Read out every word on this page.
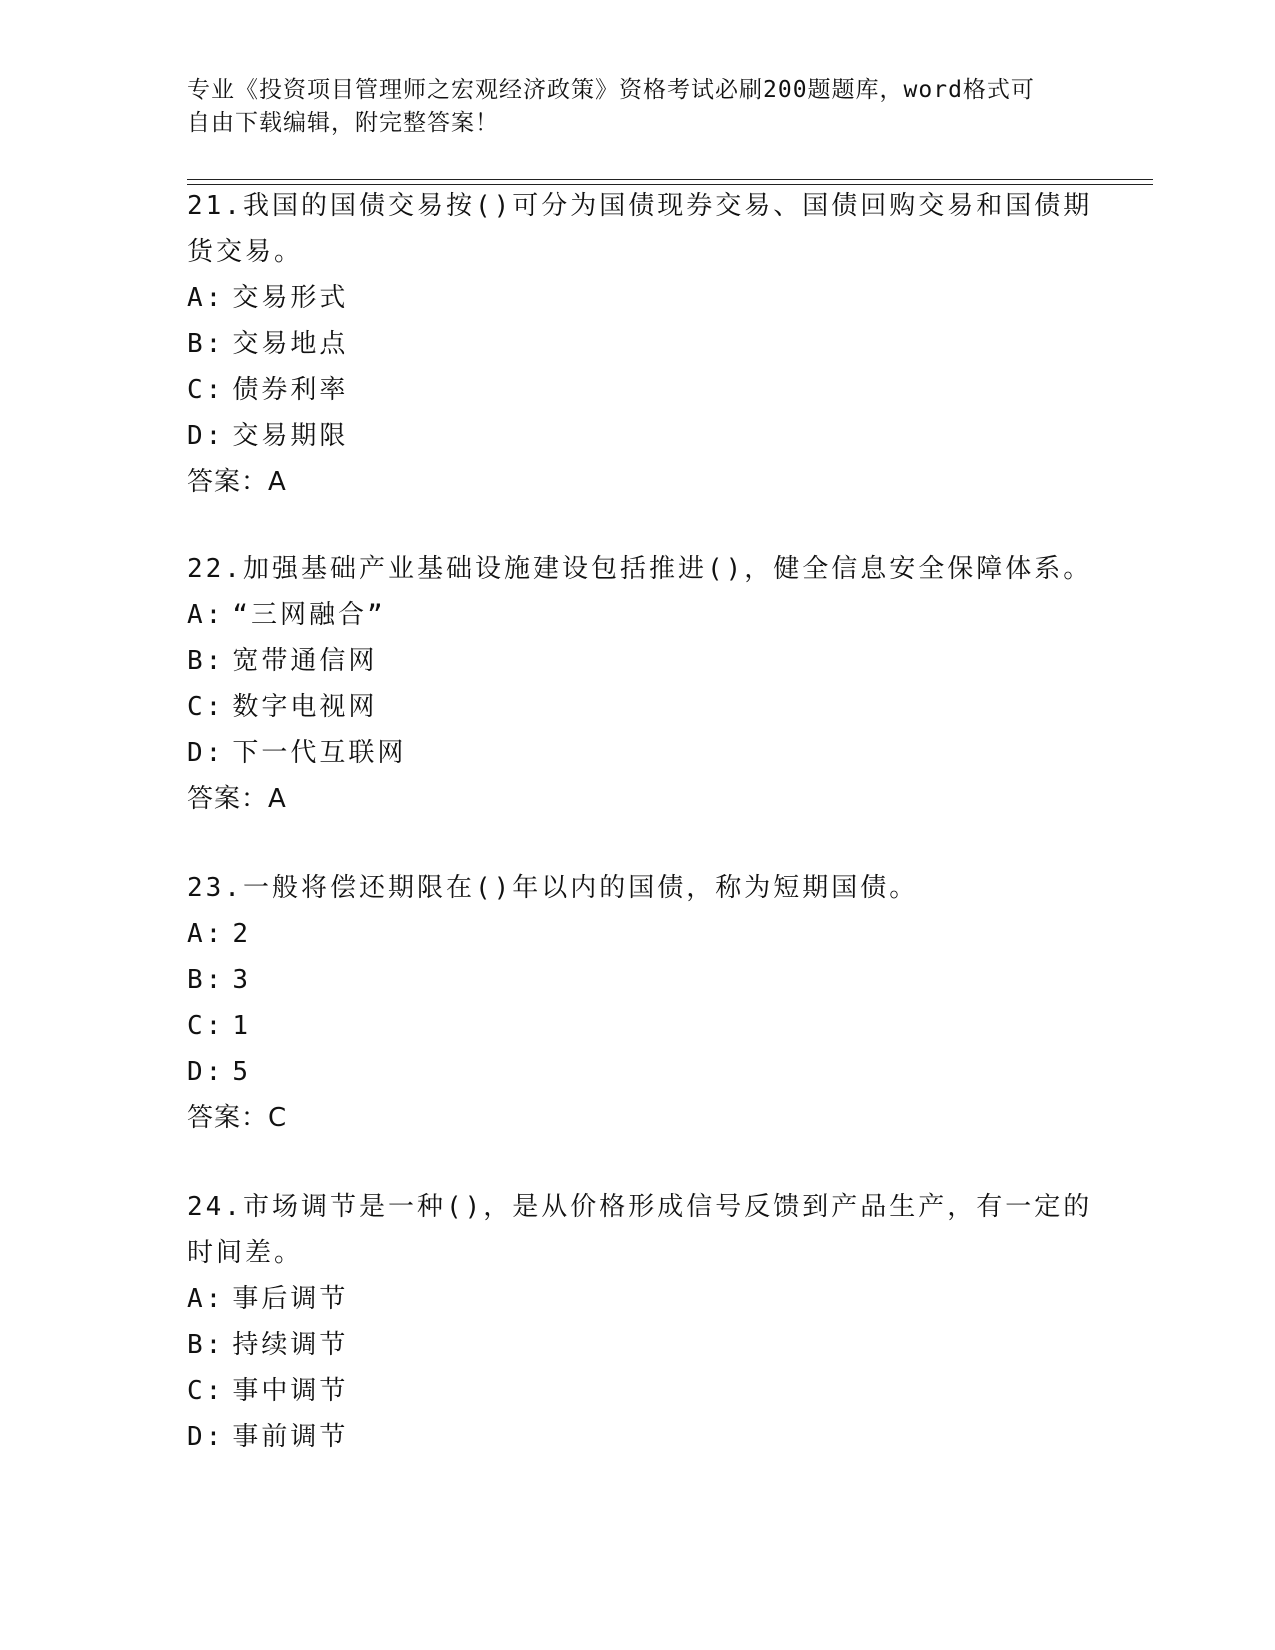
专业《投资项目管理师之宏观经济政策》资格考试必刷200题题库，word格式可
自由下载编辑，附完整答案！
21.我国的国债交易按()可分为国债现券交易、国债回购交易和国债期
货交易。
A: 交易形式
B: 交易地点
C: 债券利率
D: 交易期限
答案：A
22.加强基础产业基础设施建设包括推进()，健全信息安全保障体系。
A: “三网融合”
B: 宽带通信网
C: 数字电视网
D: 下一代互联网
答案：A
23.一般将偿还期限在()年以内的国债，称为短期国债。
A: 2
B: 3
C: 1
D: 5
答案：C
24.市场调节是一种()，是从价格形成信号反馈到产品生产，有一定的
时间差。
A: 事后调节
B: 持续调节
C: 事中调节
D: 事前调节
